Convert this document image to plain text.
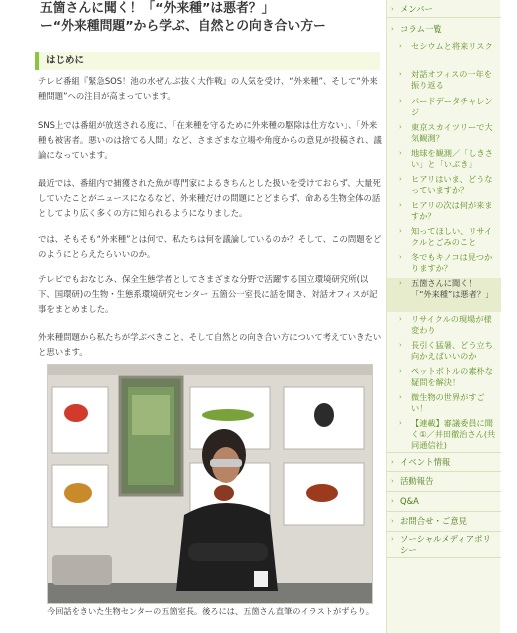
五箇さんに聞く！「“外来種”は悪者？」
ー“外来種問題”から学ぶ、自然との向き合い方ー
はじめに

テレビ番組『緊急SOS！池の水ぜんぶ抜く大作戦』の人気を受け、“外来種”、そして“外来種問題”への注目が高まっています。

SNS上では番組が放送される度に、「在来種を守るために外来種の駆除は仕方ない」、「外来種も被害者。悪いのは捨てる人間」など、さまざまな立場や角度からの意見が投稿され、議論になっています。

最近では、番組内で捕獲された魚が専門家によるきちんとした扱いを受けておらず、大量死していたことがニュースになるなど、外来種だけの問題にとどまらず、命ある生物全体の話としてより広く多くの方に知られるようになりました。

では、そもそも“外来種”とは何で、私たちは何を議論しているのか？そして、この問題をどのようにとらえたらいいのか。

テレビでもおなじみ、保全生態学者としてさまざまな分野で活躍する国立環境研究所(以下、国環研)の生物・生態系環境研究センター 五箇公一室長に話を聞き、対話オフィスが記事をまとめました。

外来種問題から私たちが学ぶべきこと、そして自然との向き合い方について考えていきたいと思います。

今回話をきいた生物センターの五箇室長。後ろには、五箇さん直筆のイラストがずらり。

› メンバー
› コラム一覧
› セシウムと将来リスク
› 対話オフィスの一年を振り返る
› バードデータチャレンジ
› 東京スカイツリーで大気観測？
› 地球を観測／「しきさい」と「いぶき」
› ヒアリはいま、どうなっていますか？
› ヒアリの次は何が来ますか？
› 知ってほしい、リサイクルとごみのこと
› 冬でもキノコは見つかりますか？
› 五箇さんに聞く！「“外来種”は悪者？」
› リサイクルの現場が様変わり
› 長引く猛暑、どう立ち向かえばいいのか
› ペットボトルの素朴な疑問を解決！
› 微生物の世界がすごい！
› 【連載】審議委員に聞く①／井田徹治さん(共同通信社)
› イベント情報
› 活動報告
› Q&A
› お問合せ・ご意見
› ソーシャルメディアポリシー
